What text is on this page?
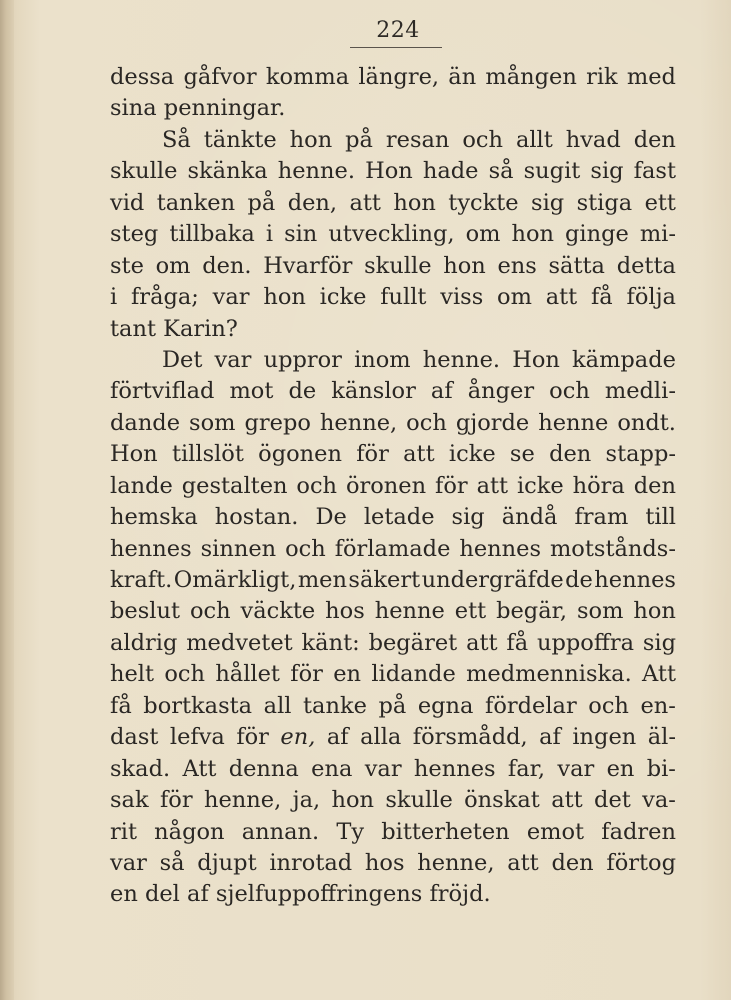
224
dessa gåfvor komma längre, än mången rik med
sina penningar.
Så tänkte hon på resan och allt hvad den
skulle skänka henne. Hon hade så sugit sig fast
vid tanken på den, att hon tyckte sig stiga ett
steg tillbaka i sin utveckling, om hon ginge mi-
ste om den. Hvarför skulle hon ens sätta detta
i fråga; var hon icke fullt viss om att få följa
tant Karin?
Det var uppror inom henne. Hon kämpade
förtviflad mot de känslor af ånger och medli-
dande som grepo henne, och gjorde henne ondt.
Hon tillslöt ögonen för att icke se den stapp-
lande gestalten och öronen för att icke höra den
hemska hostan. De letade sig ändå fram till
hennes sinnen och förlamade hennes motstånds-
kraft. Omärkligt, men säkert undergräfde de hennes
beslut och väckte hos henne ett begär, som hon
aldrig medvetet känt: begäret att få uppoffra sig
helt och hållet för en lidande medmenniska. Att
få bortkasta all tanke på egna fördelar och en-
dast lefva för en, af alla försmådd, af ingen äl-
skad. Att denna ena var hennes far, var en bi-
sak för henne, ja, hon skulle önskat att det va-
rit någon annan. Ty bitterheten emot fadren
var så djupt inrotad hos henne, att den förtog
en del af sjelfuppoffringens fröjd.
